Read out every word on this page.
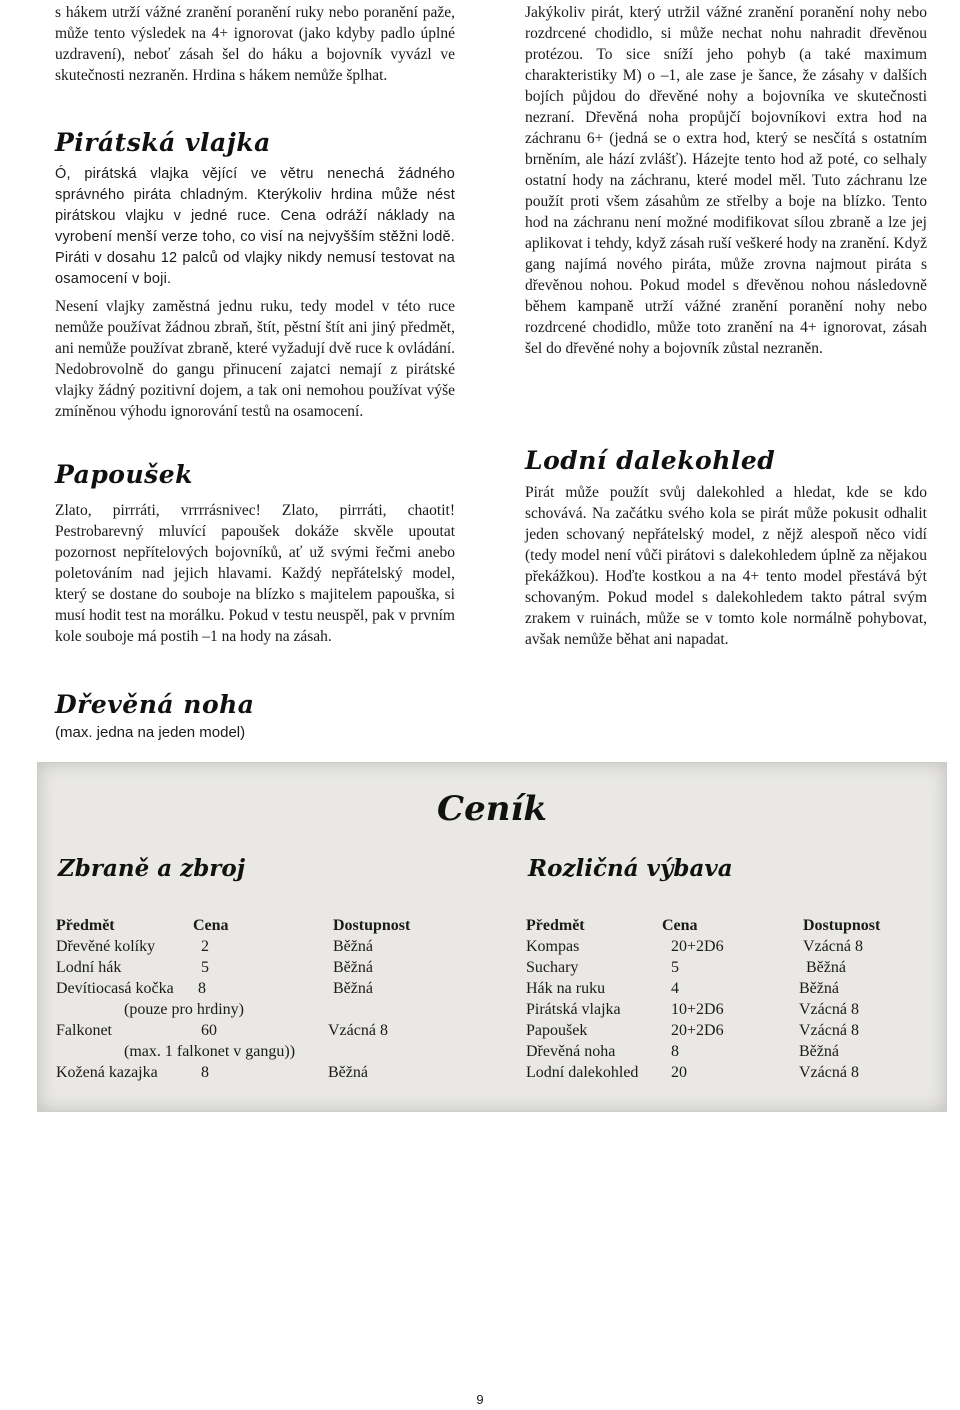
s hákem utrží vážné zranění poranění ruky nebo poranění paže, může tento výsledek na 4+ ignorovat (jako kdyby padlo úplné uzdravení), neboť zásah šel do háku a bojovník vyvázl ve skutečnosti nezraněn. Hrdina s hákem nemůže šplhat.

Pirátská vlajka

Ó, pirátská vlajka vějící ve větru nenechá žádného správného piráta chladným. Kterýkoliv hrdina může nést pirátskou vlajku v jedné ruce. Cena odráží náklady na vyrobení menší verze toho, co visí na nejvyšším stěžni lodě. Piráti v dosahu 12 palců od vlajky nikdy nemusí testovat na osamocení v boji.

Nesení vlajky zaměstná jednu ruku, tedy model v této ruce nemůže používat žádnou zbraň, štít, pěstní štít ani jiný předmět, ani nemůže používat zbraně, které vyžadují dvě ruce k ovládání. Nedobrovolně do gangu přinucení zajatci nemají z pirátské vlajky žádný pozitivní dojem, a tak oni nemohou používat výše zmíněnou výhodu ignorování testů na osamocení.

Papoušek

Zlato, pirrráti, vrrrrásnivec! Zlato, pirrráti, chaotit! Pestrobarevný mluvící papoušek dokáže skvěle upoutat pozornost nepřítelových bojovníků, ať už svými řečmi anebo poletováním nad jejich hlavami. Každý nepřátelský model, který se dostane do souboje na blízko s majitelem papouška, si musí hodit test na morálku. Pokud v testu neuspěl, pak v prvním kole souboje má postih –1 na hody na zásah.

Dřevěná noha

(max. jedna na jeden model)

Jakýkoliv pirát, který utržil vážné zranění poranění nohy nebo rozdrcené chodidlo, si může nechat nohu nahradit dřevěnou protézou. To sice sníží jeho pohyb (a také maximum charakteristiky M) o –1, ale zase je šance, že zásahy v dalších bojích půjdou do dřevěné nohy a bojovníka ve skutečnosti nezraní. Dřevěná noha propůjčí bojovníkovi extra hod na záchranu 6+ (jedná se o extra hod, který se nesčítá s ostatním brněním, ale hází zvlášť). Házejte tento hod až poté, co selhaly ostatní hody na záchranu, které model měl. Tuto záchranu lze použít proti všem zásahům ze střelby a boje na blízko. Tento hod na záchranu není možné modifikovat sílou zbraně a lze jej aplikovat i tehdy, když zásah ruší veškeré hody na zranění. Když gang najímá nového piráta, může zrovna najmout piráta s dřevěnou nohou. Pokud model s dřevěnou nohou následovně během kampaně utrží vážné zranění poranění nohy nebo rozdrcené chodidlo, může toto zranění na 4+ ignorovat, zásah šel do dřevěné nohy a bojovník zůstal nezraněn.

Lodní dalekohled

Pirát může použít svůj dalekohled a hledat, kde se kdo schovává. Na začátku svého kola se pirát může pokusit odhalit jeden schovaný nepřátelský model, z nějž alespoň něco vidí (tedy model není vůči pirátovi s dalekohledem úplně za nějakou překážkou). Hoďte kostkou a na 4+ tento model přestává být schovaným. Pokud model s dalekohledem takto pátral svým zrakem v ruinách, může se v tomto kole normálně pohybovat, avšak nemůže běhat ani napadat.

Ceník
Zbraně a zbroj	Rozličná výbava
Předmět	Cena	Dostupnost
Dřevěné kolíky	2	Běžná
Lodní hák	5	Běžná
Devítiocasá kočka 8	Běžná
(pouze pro hrdiny)
Falkonet	60	Vzácná 8
(max. 1 falkonet v gangu))
Kožená kazajka	8	Běžná
Předmět	Cena	Dostupnost
Kompas	20+2D6	Vzácná 8
Suchary	5	Běžná
Hák na ruku	4	Běžná
Pirátská vlajka	10+2D6	Vzácná 8
Papoušek	20+2D6	Vzácná 8
Dřevěná noha	8	Běžná
Lodní dalekohled 20	Vzácná 8
9
